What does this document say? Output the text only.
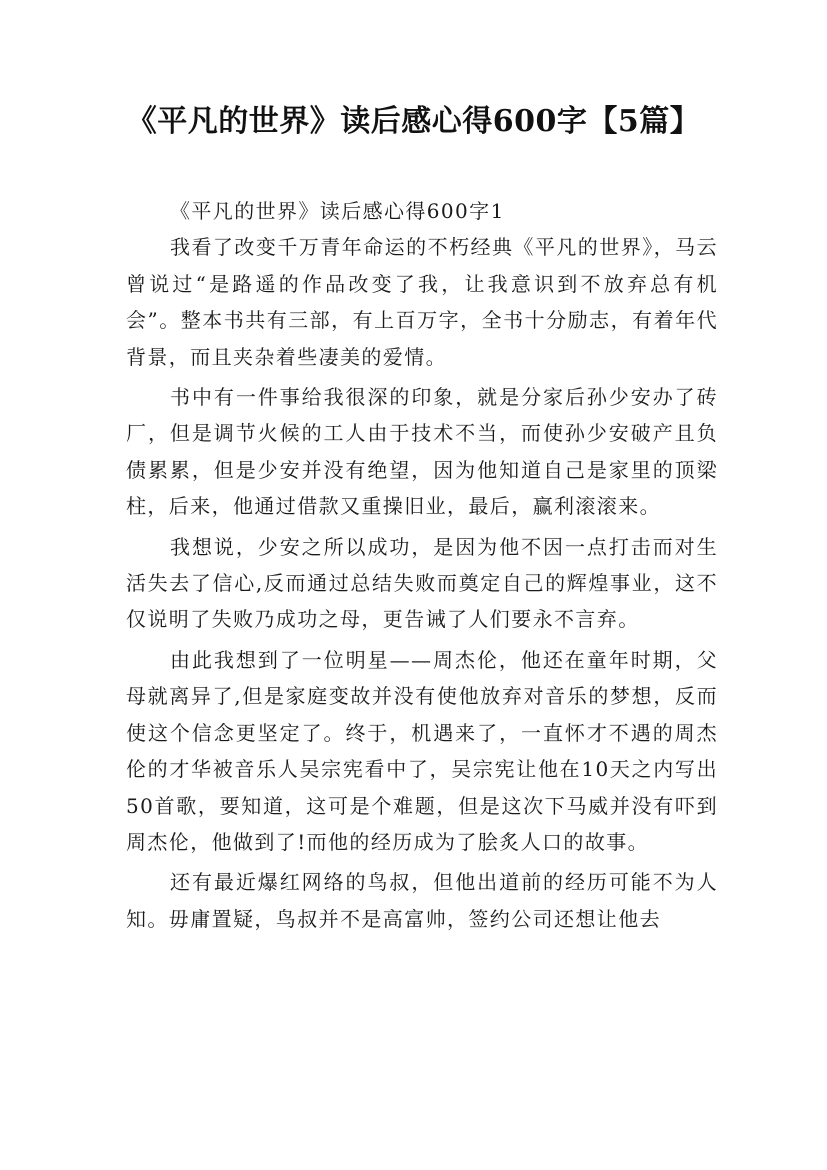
《平凡的世界》读后感心得600字【5篇】
《平凡的世界》读后感心得600字1

我看了改变千万青年命运的不朽经典《平凡的世界》，马云曾说过“是路遥的作品改变了我，让我意识到不放弃总有机会”。整本书共有三部，有上百万字，全书十分励志，有着年代背景，而且夹杂着些凄美的爱情。

书中有一件事给我很深的印象，就是分家后孙少安办了砖厂，但是调节火候的工人由于技术不当，而使孙少安破产且负债累累，但是少安并没有绝望，因为他知道自己是家里的顶梁柱，后来，他通过借款又重操旧业，最后，赢利滚滚来。

我想说，少安之所以成功，是因为他不因一点打击而对生活失去了信心,反而通过总结失败而奠定自己的辉煌事业，这不仅说明了失败乃成功之母，更告诫了人们要永不言弃。

由此我想到了一位明星——周杰伦，他还在童年时期，父母就离异了,但是家庭变故并没有使他放弃对音乐的梦想，反而使这个信念更坚定了。终于，机遇来了，一直怀才不遇的周杰伦的才华被音乐人吴宗宪看中了，吴宗宪让他在10天之内写出50首歌，要知道，这可是个难题，但是这次下马威并没有吓到周杰伦，他做到了!而他的经历成为了脍炙人口的故事。

还有最近爆红网络的鸟叔，但他出道前的经历可能不为人知。毋庸置疑，鸟叔并不是高富帅，签约公司还想让他去
